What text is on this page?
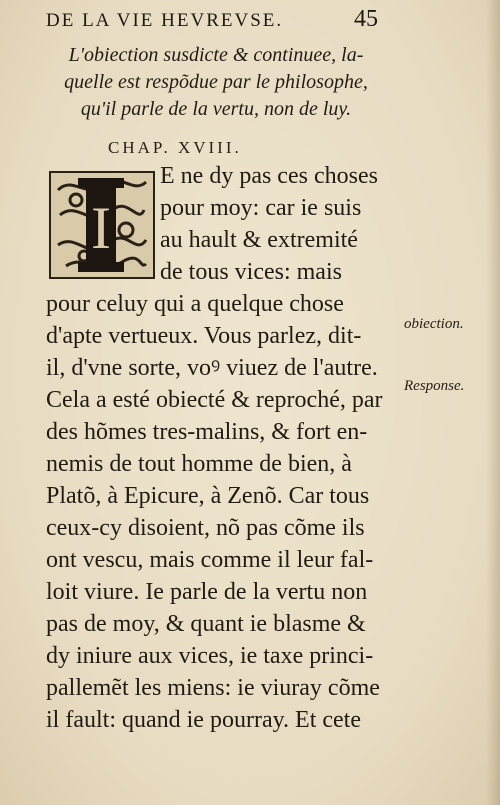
DE LA VIE HEVREVSE.	45
L'obiection susdicte & continuee, la-
quelle est respõdue par le philosophe,
qu'il parle de la vertu, non de luy.
CHAP. XVIII.
I
E ne dy pas ces choses
pour moy: car ie suis
au hault & extremité
de tous vices: mais
pour celuy qui a quelque chose
d'apte vertueux. Vous parlez, dit-
il, d'vne sorte, voꝰ viuez de l'autre.
Cela a esté obiecté & reproché, par
des hõmes tres-malins, & fort en-
nemis de tout homme de bien, à
Platõ, à Epicure, à Zenõ. Car tous
ceux-cy disoient, nõ pas cõme ils
ont vescu, mais comme il leur fal-
loit viure. Ie parle de la vertu non
pas de moy, & quant ie blasme &
dy iniure aux vices, ie taxe princi-
pallemẽt les miens: ie viuray cõme
il fault: quand ie pourray. Et cete
obiection.
Response.
